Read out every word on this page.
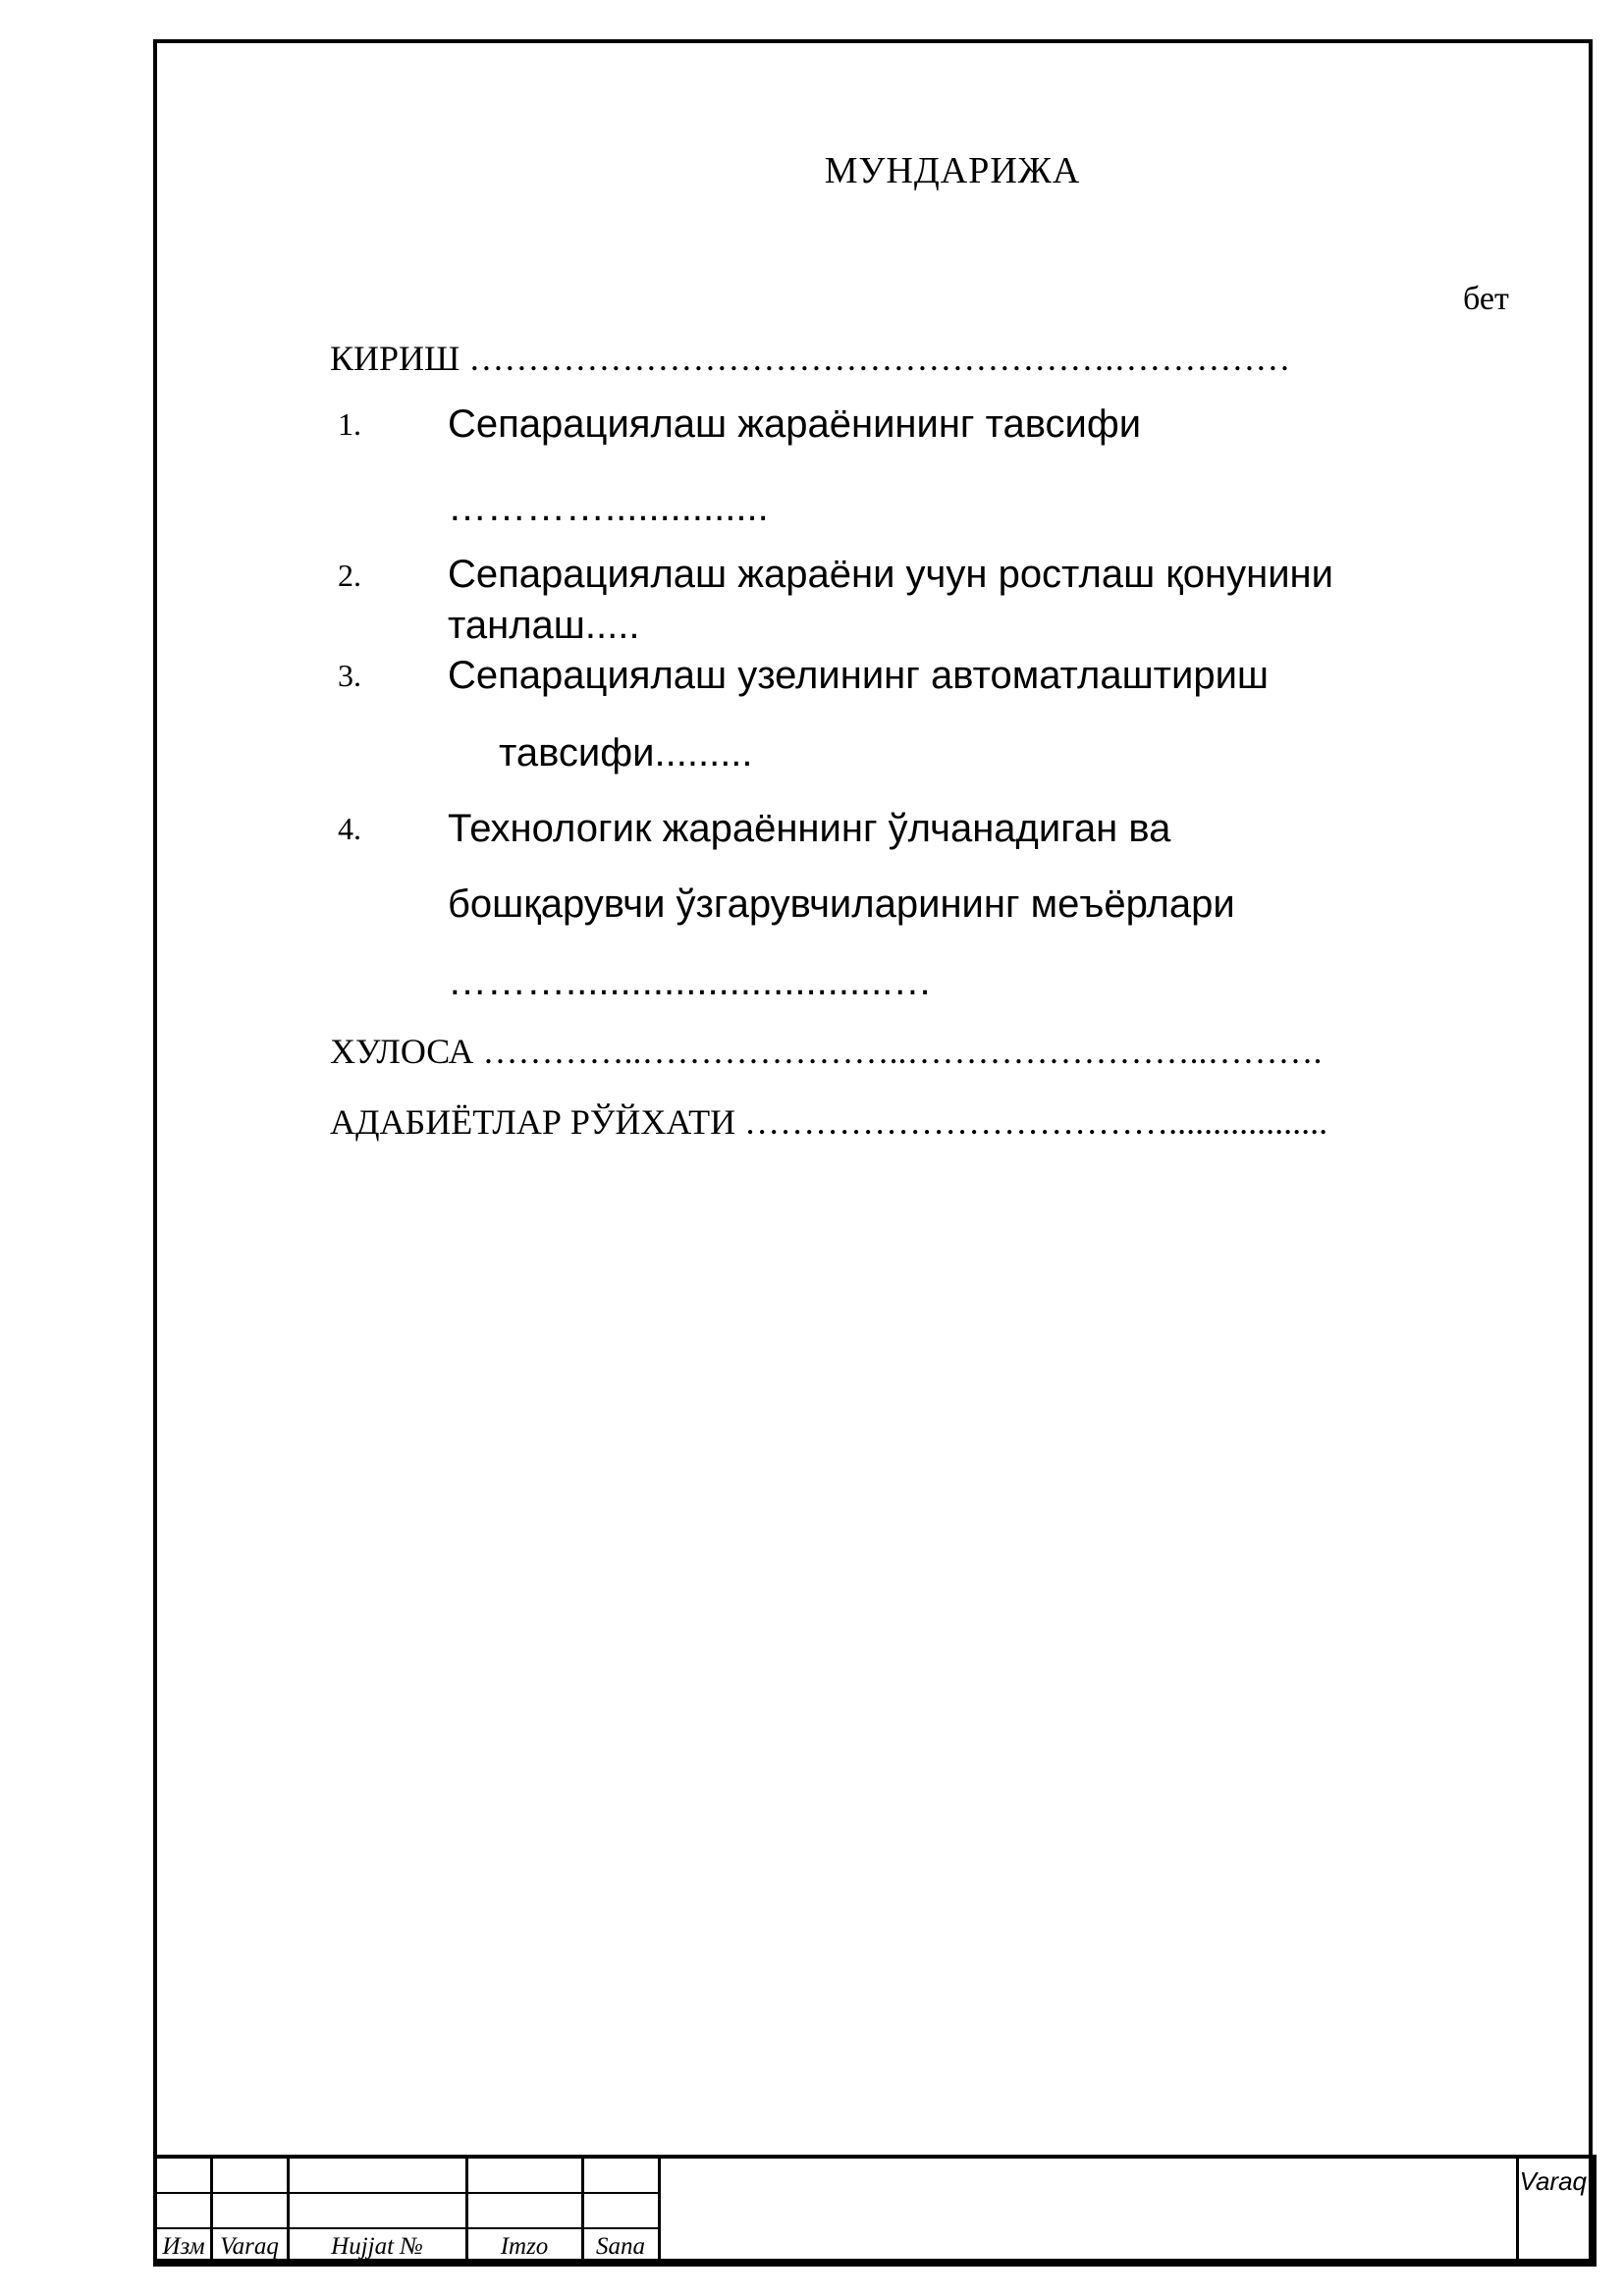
МУНДАРИЖА
бет
КИРИШ ……………………………………………….……………
1. Сепарациялаш жараёнининг тавсифи
…………...............
2. Сепарациялаш жараёни учун ростлаш қонунини
танлаш.....
3. Сепарациялаш узелининг автоматлаштириш
тавсифи.........
4. Технологик жараённинг ўлчанадиган ва
бошқарувчи ўзгарувчиларининг меъёрлари
………..............................…
ХУЛОСА …………..…………………..……………………..……….
АДАБИЁТЛАР РЎЙХАТИ ………………………………..................
Изм Varaq	Hujjat №	Imzo	Sana
Varaq
